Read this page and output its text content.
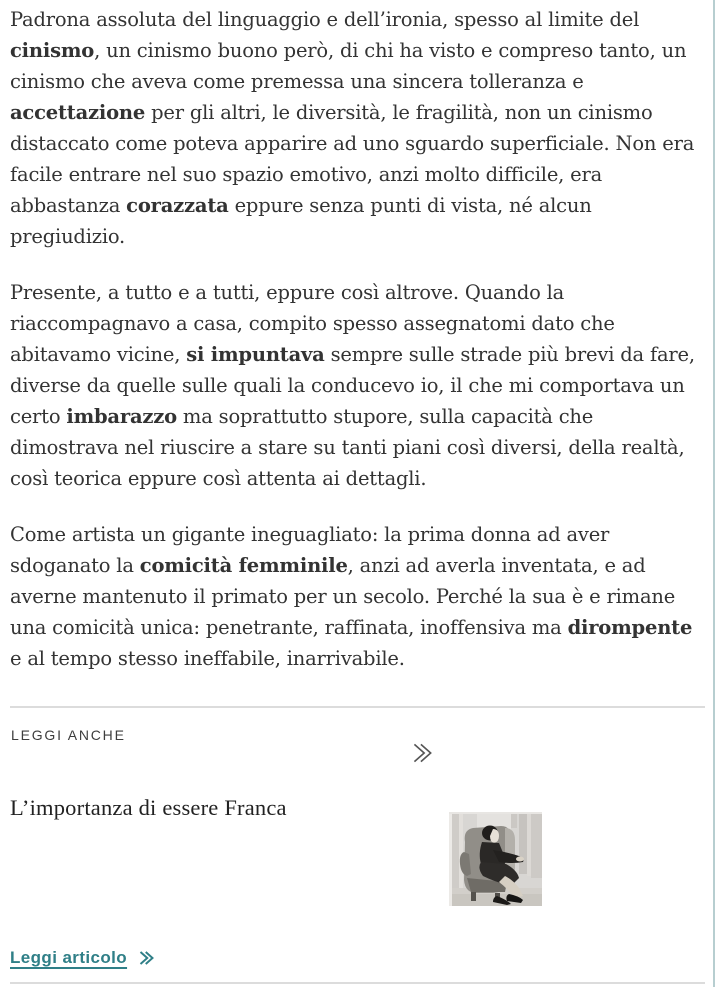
Padrona assoluta del linguaggio e dell’ironia, spesso al limite del cinismo, un cinismo buono però, di chi ha visto e compreso tanto, un cinismo che aveva come premessa una sincera tolleranza e accettazione per gli altri, le diversità, le fragilità, non un cinismo distaccato come poteva apparire ad uno sguardo superficiale. Non era facile entrare nel suo spazio emotivo, anzi molto difficile, era abbastanza corazzata eppure senza punti di vista, né alcun pregiudizio.

Presente, a tutto e a tutti, eppure così altrove. Quando la riaccompagnavo a casa, compito spesso assegnatomi dato che abitavamo vicine, si impuntava sempre sulle strade più brevi da fare, diverse da quelle sulle quali la conducevo io, il che mi comportava un certo imbarazzo ma soprattutto stupore, sulla capacità che dimostrava nel riuscire a stare su tanti piani così diversi, della realtà, così teorica eppure così attenta ai dettagli.

Come artista un gigante ineguagliato: la prima donna ad aver sdoganato la comicità femminile, anzi ad averla inventata, e ad averne mantenuto il primato per un secolo. Perché la sua è e rimane una comicità unica: penetrante, raffinata, inoffensiva ma dirompente e al tempo stesso ineffabile, inarrivabile.

LEGGI ANCHE
L’importanza di essere Franca
Leggi articolo
